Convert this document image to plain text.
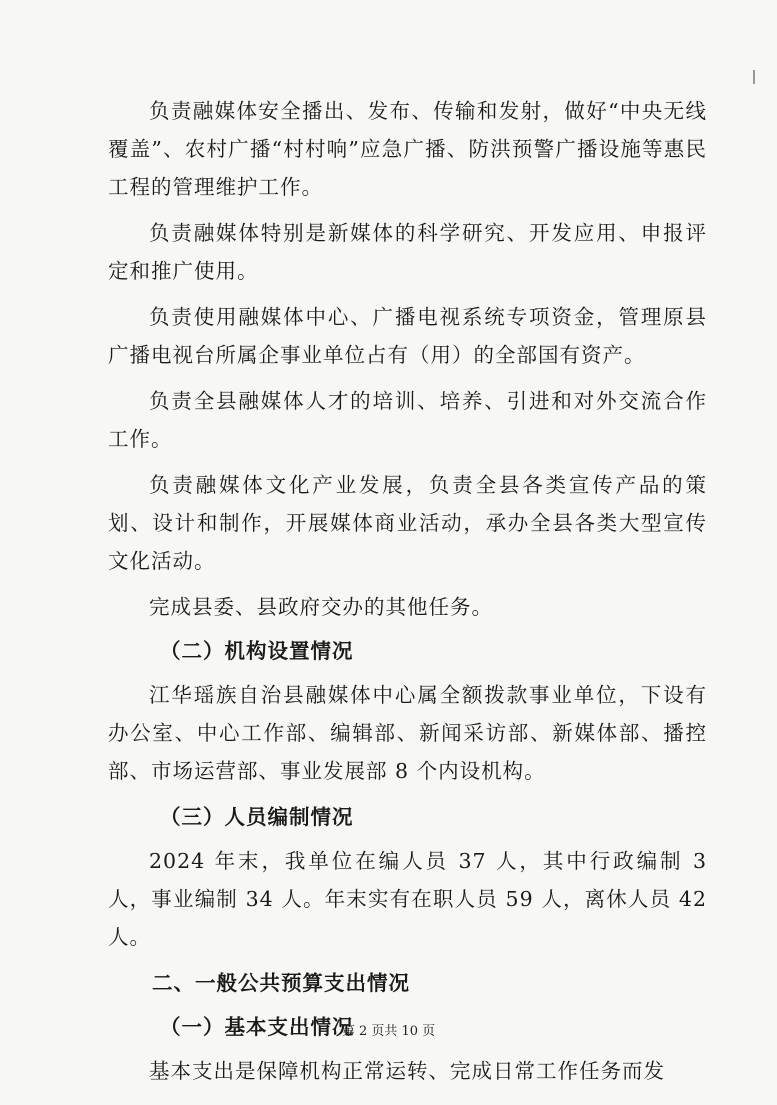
负责融媒体安全播出、发布、传输和发射，做好“中央无线覆盖”、农村广播“村村响”应急广播、防洪预警广播设施等惠民工程的管理维护工作。

负责融媒体特别是新媒体的科学研究、开发应用、申报评定和推广使用。

负责使用融媒体中心、广播电视系统专项资金，管理原县广播电视台所属企事业单位占有（用）的全部国有资产。

负责全县融媒体人才的培训、培养、引进和对外交流合作工作。

负责融媒体文化产业发展，负责全县各类宣传产品的策划、设计和制作，开展媒体商业活动，承办全县各类大型宣传文化活动。

完成县委、县政府交办的其他任务。

（二）机构设置情况

江华瑶族自治县融媒体中心属全额拨款事业单位，下设有办公室、中心工作部、编辑部、新闻采访部、新媒体部、播控部、市场运营部、事业发展部 8 个内设机构。

（三）人员编制情况

2024 年末，我单位在编人员 37 人，其中行政编制 3 人，事业编制 34 人。年末实有在职人员 59 人，离休人员 42 人。

二、一般公共预算支出情况
（一）基本支出情况

基本支出是保障机构正常运转、完成日常工作任务而发

第 2 页共 10 页
